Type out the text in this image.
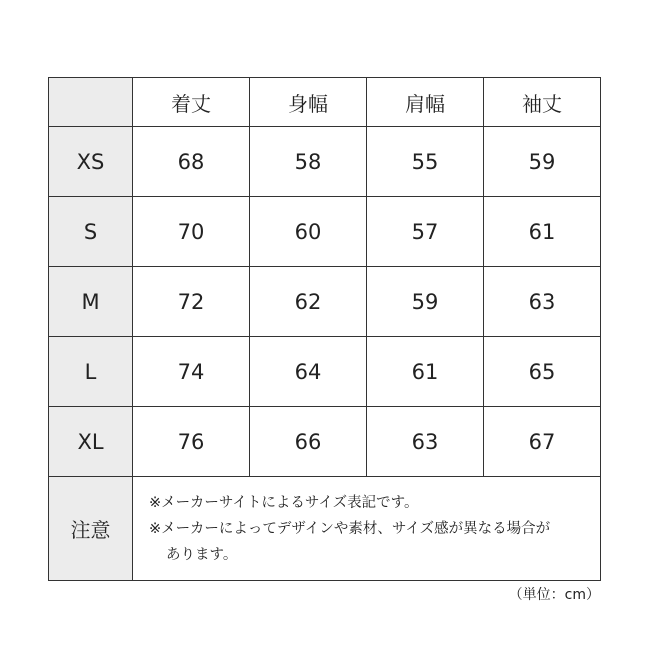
	着丈	身幅	肩幅	袖丈
XS	68	58	55	59
S	70	60	57	61
M	72	62	59	63
L	74	64	61	65
XL	76	66	63	67
注意	※メーカーサイトによるサイズ表記です。
※メーカーによってデザインや素材、サイズ感が異なる場合が
あります。			
（単位：cm）
